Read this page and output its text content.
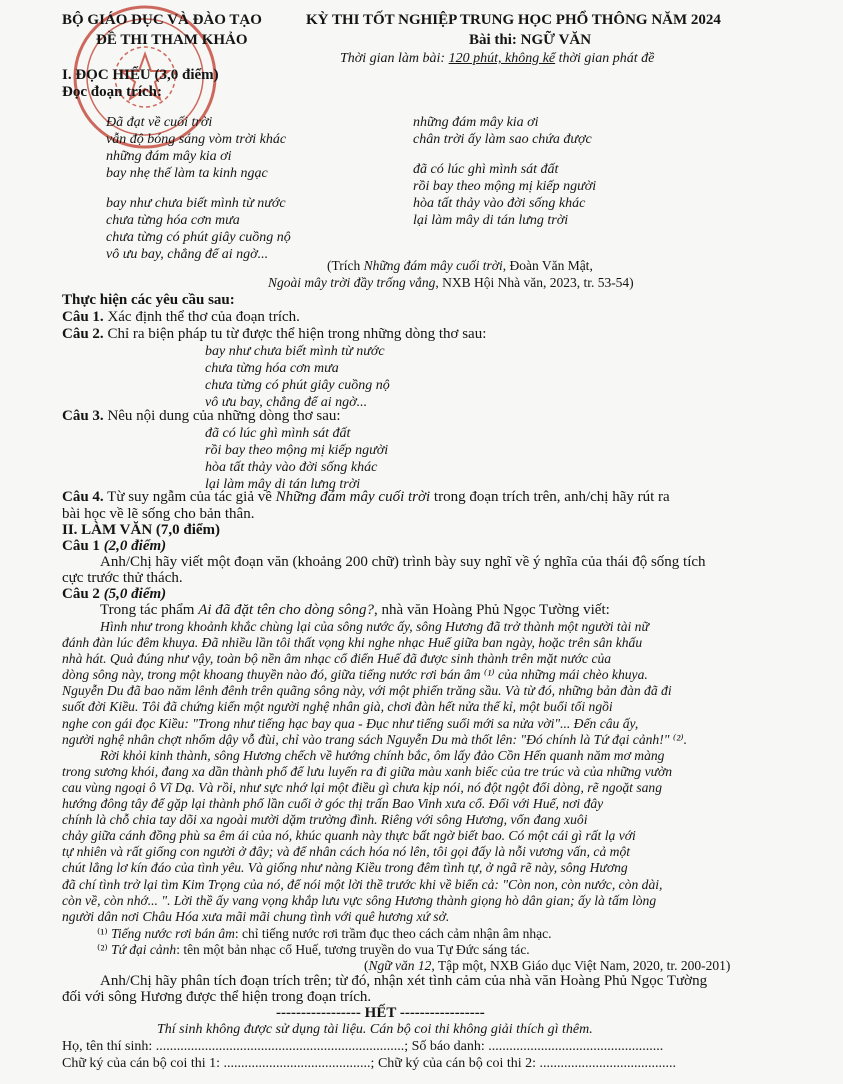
BỘ GIÁO DỤC VÀ ĐÀO TẠO
ĐỀ THI THAM KHẢO
KỲ THI TỐT NGHIỆP TRUNG HỌC PHỔ THÔNG NĂM 2024
Bài thi: NGỮ VĂN
Thời gian làm bài: 120 phút, không kể thời gian phát đề
I. ĐỌC HIỂU (3,0 điểm)
Đọc đoạn trích:
Đã đạt về cuối trời
vẫn độ bóng sáng vòm trời khác
những đám mây kia ơi
bay nhẹ thế làm ta kinh ngạc
bay như chưa biết mình từ nước
chưa từng hóa cơn mưa
chưa từng có phút giây cuồng nộ
vô ưu bay, chẳng để ai ngờ...
những đám mây kia ơi
chân trời ấy làm sao chứa được
đã có lúc ghì mình sát đất
rồi bay theo mộng mị kiếp người
hòa tất thảy vào đời sống khác
lại làm mây di tán lưng trời
(Trích Những đám mây cuối trời, Đoàn Văn Mật,
Ngoài mây trời đầy trống vắng, NXB Hội Nhà văn, 2023, tr. 53-54)
Thực hiện các yêu cầu sau:
Câu 1. Xác định thể thơ của đoạn trích.
Câu 2. Chỉ ra biện pháp tu từ được thể hiện trong những dòng thơ sau:
bay như chưa biết mình từ nước
chưa từng hóa cơn mưa
chưa từng có phút giây cuồng nộ
vô ưu bay, chẳng để ai ngờ...
Câu 3. Nêu nội dung của những dòng thơ sau:
đã có lúc ghì mình sát đất
rồi bay theo mộng mị kiếp người
hòa tất thảy vào đời sống khác
lại làm mây di tán lưng trời
Câu 4. Từ suy ngẫm của tác giả về Những đám mây cuối trời trong đoạn trích trên, anh/chị hãy rút ra
bài học về lẽ sống cho bản thân.
II. LÀM VĂN (7,0 điểm)
Câu 1 (2,0 điểm)
Anh/Chị hãy viết một đoạn văn (khoảng 200 chữ) trình bày suy nghĩ về ý nghĩa của thái độ sống tích
cực trước thử thách.
Câu 2 (5,0 điểm)
Trong tác phẩm Ai đã đặt tên cho dòng sông?, nhà văn Hoàng Phủ Ngọc Tường viết:
Hình như trong khoảnh khắc chùng lại của sông nước ấy, sông Hương đã trở thành một người tài nữ
đánh đàn lúc đêm khuya. Đã nhiều lần tôi thất vọng khi nghe nhạc Huế giữa ban ngày, hoặc trên sân khấu
nhà hát. Quả đúng như vậy, toàn bộ nền âm nhạc cổ điển Huế đã được sinh thành trên mặt nước của
dòng sông này, trong một khoang thuyền nào đó, giữa tiếng nước rơi bán âm ⁽¹⁾ của những mái chèo khuya.
Nguyễn Du đã bao năm lênh đênh trên quãng sông này, với một phiến trăng sầu. Và từ đó, những bản đàn đã đi
suốt đời Kiều. Tôi đã chứng kiến một người nghệ nhân già, chơi đàn hết nửa thế kỉ, một buổi tối ngồi
nghe con gái đọc Kiều: "Trong như tiếng hạc bay qua - Đục như tiếng suối mới sa nửa vời"... Đến câu ấy,
người nghệ nhân chợt nhổm dậy vỗ đùi, chỉ vào trang sách Nguyễn Du mà thốt lên: "Đó chính là Tứ đại cảnh!" ⁽²⁾.
Rời khỏi kinh thành, sông Hương chếch về hướng chính bắc, ôm lấy đảo Cồn Hến quanh năm mơ màng
trong sương khói, đang xa dần thành phố để lưu luyến ra đi giữa màu xanh biếc của tre trúc và của những vườn
cau vùng ngoại ô Vĩ Dạ. Và rồi, như sực nhớ lại một điều gì chưa kịp nói, nó đột ngột đổi dòng, rẽ ngoặt sang
hướng đông tây để gặp lại thành phố lần cuối ở góc thị trấn Bao Vinh xưa cổ. Đối với Huế, nơi đây
chính là chỗ chia tay dõi xa ngoài mười dặm trường đình. Riêng với sông Hương, vốn đang xuôi
chảy giữa cánh đồng phù sa êm ái của nó, khúc quanh này thực bất ngờ biết bao. Có một cái gì rất lạ với
tự nhiên và rất giống con người ở đây; và để nhân cách hóa nó lên, tôi gọi đấy là nỗi vương vấn, cả một
chút lẳng lơ kín đáo của tình yêu. Và giống như nàng Kiều trong đêm tình tự, ở ngã rẽ này, sông Hương
đã chí tình trở lại tìm Kim Trọng của nó, để nói một lời thề trước khi về biển cả: "Còn non, còn nước, còn dài,
còn về, còn nhớ... ". Lời thề ấy vang vọng khắp lưu vực sông Hương thành giọng hò dân gian; ấy là tấm lòng
người dân nơi Châu Hóa xưa mãi mãi chung tình với quê hương xứ sở.
⁽¹⁾ Tiếng nước rơi bán âm: chỉ tiếng nước rơi trầm đục theo cách cảm nhận âm nhạc.
⁽²⁾ Tứ đại cảnh: tên một bản nhạc cổ Huế, tương truyền do vua Tự Đức sáng tác.
(Ngữ văn 12, Tập một, NXB Giáo dục Việt Nam, 2020, tr. 200-201)
Anh/Chị hãy phân tích đoạn trích trên; từ đó, nhận xét tình cảm của nhà văn Hoàng Phủ Ngọc Tường
đối với sông Hương được thể hiện trong đoạn trích.
----------------- HẾT -----------------
Thí sinh không được sử dụng tài liệu. Cán bộ coi thi không giải thích gì thêm.
Họ, tên thí sinh: .......................................................................; Số báo danh: ..................................................
Chữ ký của cán bộ coi thi 1: ..........................................; Chữ ký của cán bộ coi thi 2: .......................................
